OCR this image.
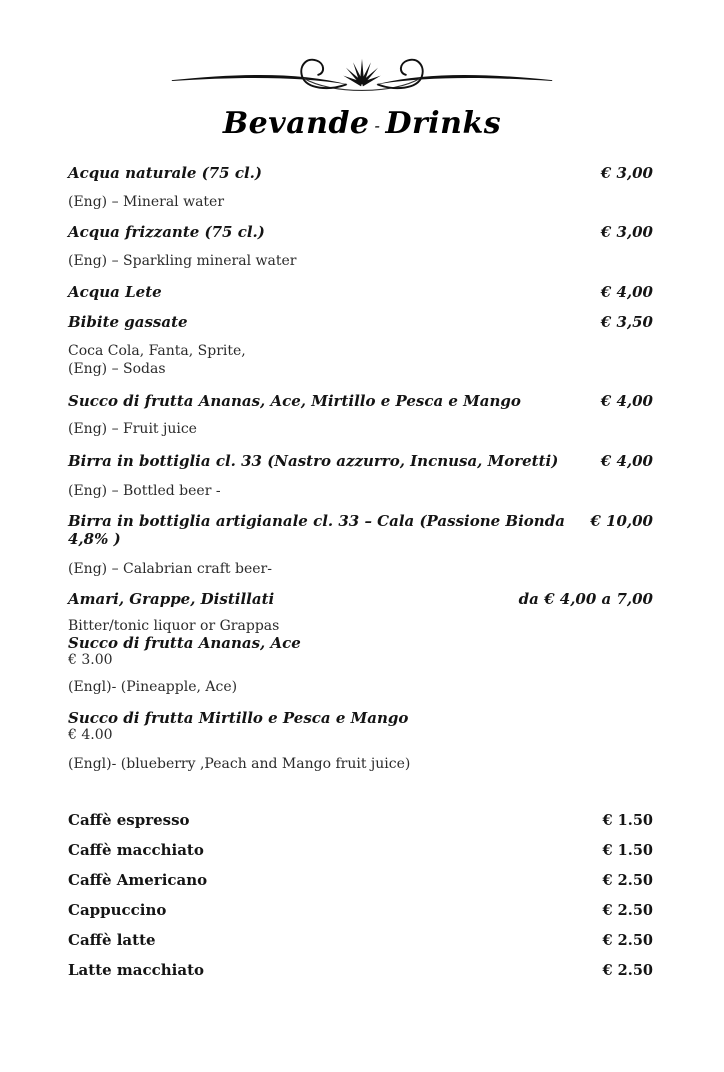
Bevande - Drinks
Acqua naturale (75 cl.)	€ 3,00
(Eng) – Mineral water
Acqua frizzante (75 cl.)	€ 3,00
(Eng) – Sparkling mineral water
Acqua Lete	€ 4,00
Bibite gassate	€ 3,50
Coca Cola, Fanta, Sprite,
(Eng) – Sodas
Succo di frutta Ananas, Ace, Mirtillo e Pesca e Mango	€ 4,00
(Eng) – Fruit juice
Birra in bottiglia cl. 33 (Nastro azzurro, Incnusa, Moretti)	€ 4,00
(Eng) – Bottled beer -
Birra in bottiglia artigianale cl. 33 – Cala (Passione Bionda 4,8% )
€ 10,00
(Eng) – Calabrian craft beer-
Amari, Grappe, Distillati	da € 4,00 a 7,00
Bitter/tonic liquor or Grappas
Succo di frutta Ananas, Ace
€ 3.00
(Engl)- (Pineapple, Ace)
Succo di frutta Mirtillo e Pesca e Mango
€ 4.00
(Engl)- (blueberry ,Peach and Mango fruit juice)
Caffè espresso	€ 1.50
Caffè macchiato	€ 1.50
Caffè Americano	€ 2.50
Cappuccino	€ 2.50
Caffè latte	€ 2.50
Latte macchiato	€ 2.50
